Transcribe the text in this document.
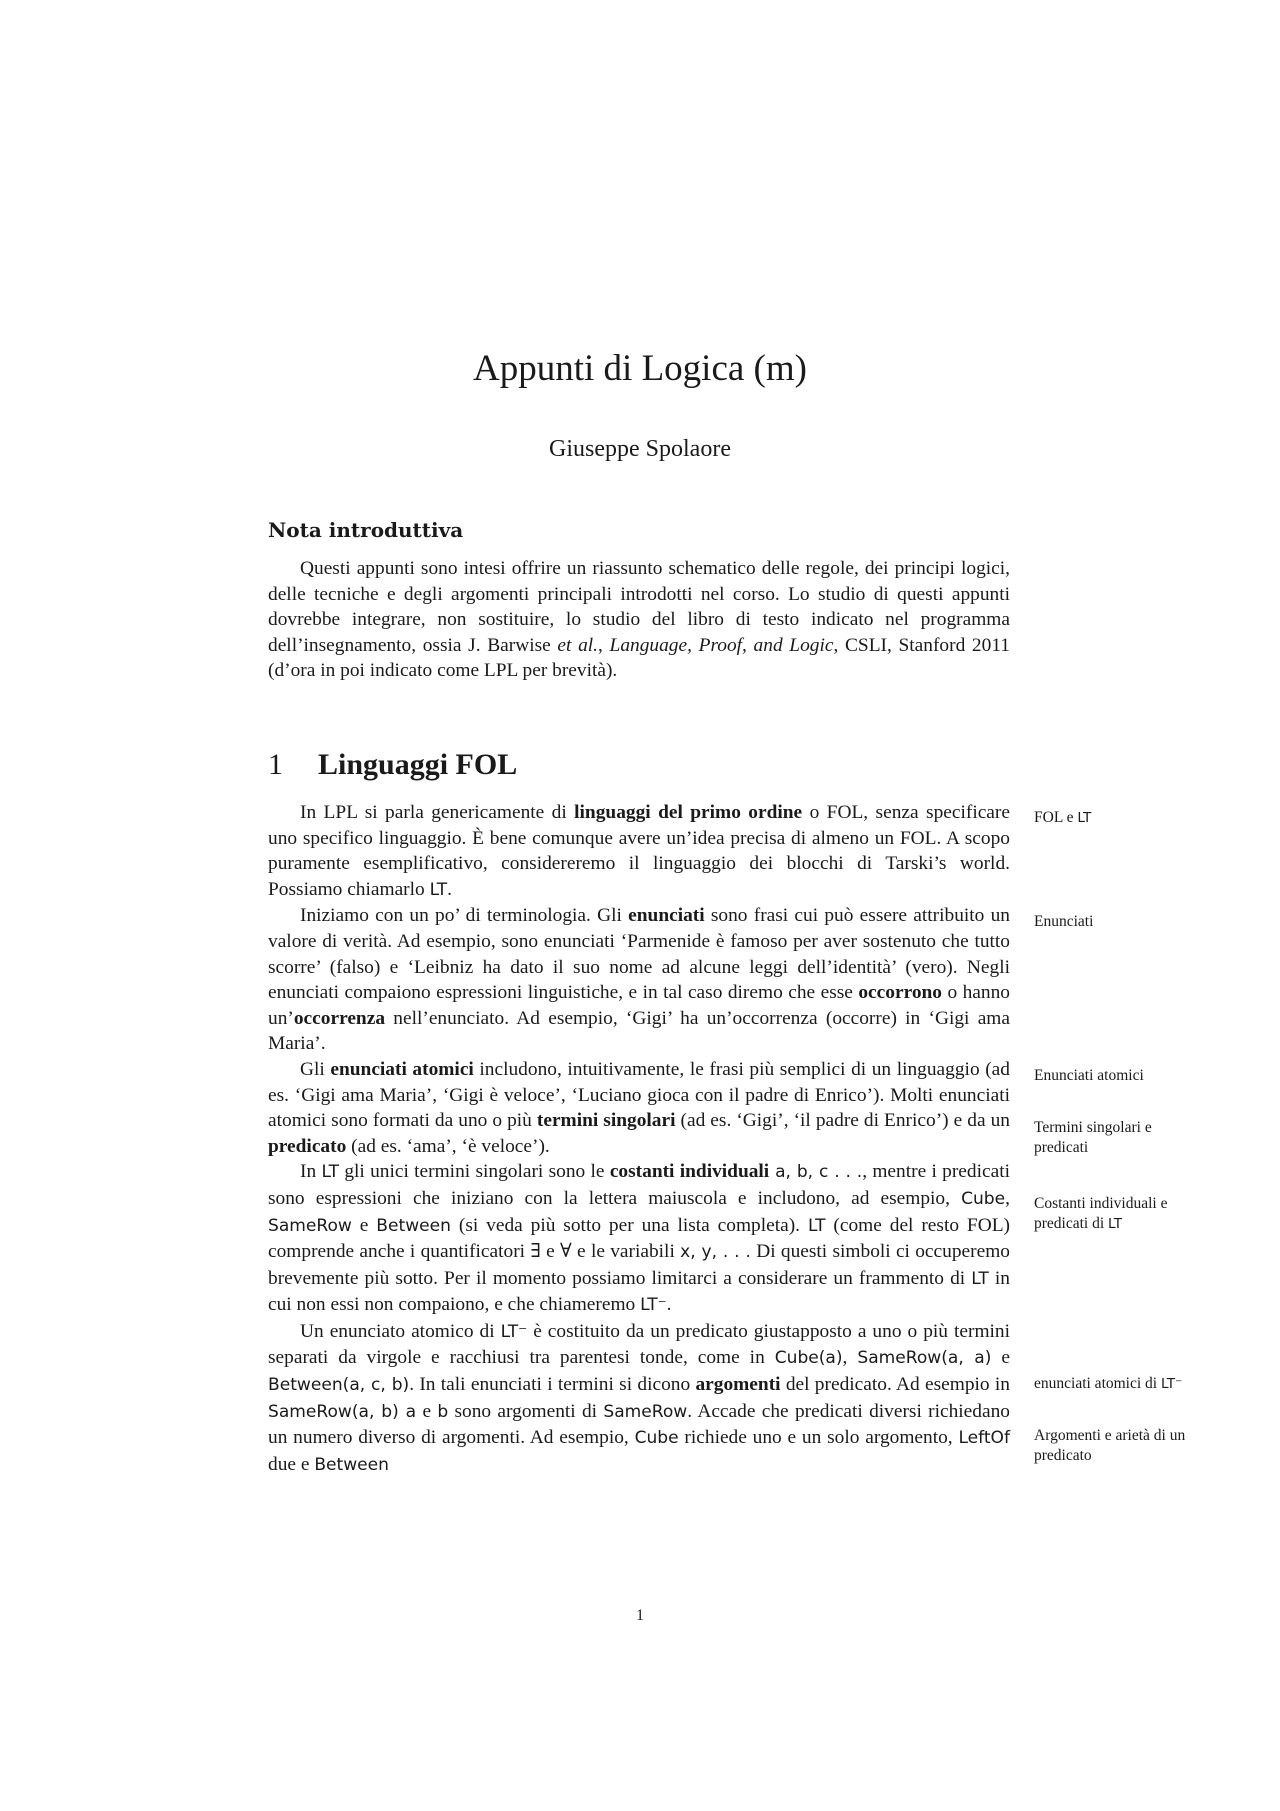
Appunti di Logica (m)
Giuseppe Spolaore
Nota introduttiva

Questi appunti sono intesi offrire un riassunto schematico delle regole, dei principi logici, delle tecniche e degli argomenti principali introdotti nel corso. Lo studio di questi appunti dovrebbe integrare, non sostituire, lo studio del libro di testo indicato nel programma dell’insegnamento, ossia J. Barwise et al., Language, Proof, and Logic, CSLI, Stanford 2011 (d’ora in poi indicato come LPL per brevità).

1 Linguaggi FOL

In LPL si parla genericamente di linguaggi del primo ordine o FOL, senza specificare uno specifico linguaggio. È bene comunque avere un’idea precisa di almeno un FOL. A scopo puramente esemplificativo, considereremo il linguaggio dei blocchi di Tarski’s world. Possiamo chiamarlo LT.

Iniziamo con un po’ di terminologia. Gli enunciati sono frasi cui può essere attribuito un valore di verità. Ad esempio, sono enunciati ‘Parmenide è famoso per aver sostenuto che tutto scorre’ (falso) e ‘Leibniz ha dato il suo nome ad alcune leggi dell’identità’ (vero). Negli enunciati compaiono espressioni linguistiche, e in tal caso diremo che esse occorrono o hanno un’occorrenza nell’enunciato. Ad esempio, ‘Gigi’ ha un’occorrenza (occorre) in ‘Gigi ama Maria’.

Gli enunciati atomici includono, intuitivamente, le frasi più semplici di un linguaggio (ad es. ‘Gigi ama Maria’, ‘Gigi è veloce’, ‘Luciano gioca con il padre di Enrico’). Molti enunciati atomici sono formati da uno o più termini singolari (ad es. ‘Gigi’, ‘il padre di Enrico’) e da un predicato (ad es. ‘ama’, ‘è veloce’).

In LT gli unici termini singolari sono le costanti individuali a, b, c . . ., mentre i predicati sono espressioni che iniziano con la lettera maiuscola e includono, ad esempio, Cube, SameRow e Between (si veda più sotto per una lista completa). LT (come del resto FOL) comprende anche i quantificatori ∃ e ∀ e le variabili x, y, . . . Di questi simboli ci occuperemo brevemente più sotto. Per il momento possiamo limitarci a considerare un frammento di LT in cui non essi non compaiono, e che chiameremo LT⁻.

Un enunciato atomico di LT⁻ è costituito da un predicato giustapposto a uno o più termini separati da virgole e racchiusi tra parentesi tonde, come in Cube(a), SameRow(a, a) e Between(a, c, b). In tali enunciati i termini si dicono argomenti del predicato. Ad esempio in SameRow(a, b) a e b sono argomenti di SameRow. Accade che predicati diversi richiedano un numero diverso di argomenti. Ad esempio, Cube richiede uno e un solo argomento, LeftOf due e Between

FOL e LT
Enunciati
Enunciati atomici
Termini singolari e predicati
Costanti individuali e predicati di LT
enunciati atomici di LT⁻
Argomenti e arietà di un predicato
1
